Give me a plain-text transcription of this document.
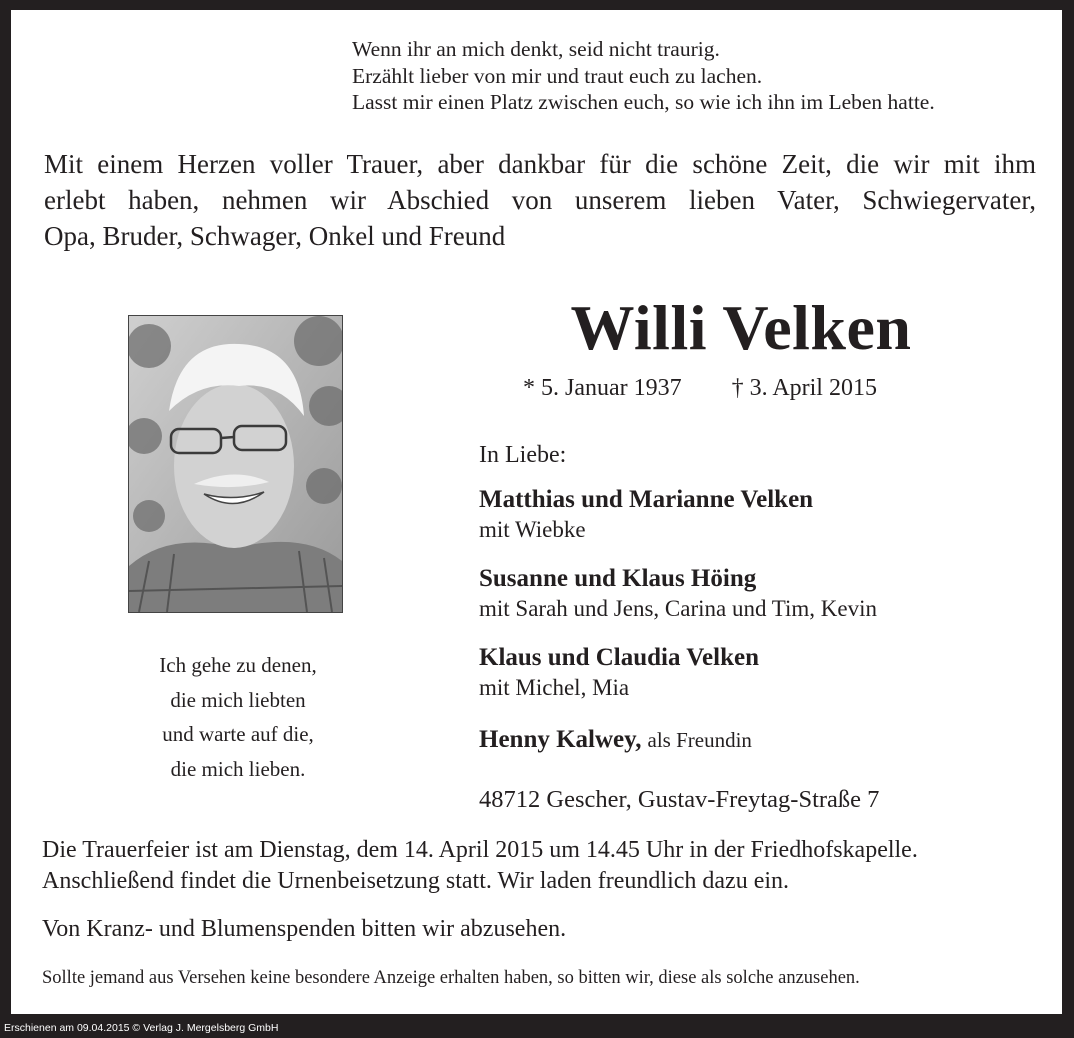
Wenn ihr an mich denkt, seid nicht traurig.
Erzählt lieber von mir und traut euch zu lachen.
Lasst mir einen Platz zwischen euch, so wie ich ihn im Leben hatte.
Mit einem Herzen voller Trauer, aber dankbar für die schöne Zeit, die wir mit ihm
erlebt haben, nehmen wir Abschied von unserem lieben Vater, Schwiegervater,
Opa, Bruder, Schwager, Onkel und Freund
Ich gehe zu denen,
die mich liebten
und warte auf die,
die mich lieben.
Willi Velken
* 5. Januar 1937 † 3. April 2015
In Liebe:
Matthias und Marianne Velken
mit Wiebke
Susanne und Klaus Höing
mit Sarah und Jens, Carina und Tim, Kevin
Klaus und Claudia Velken
mit Michel, Mia
Henny Kalwey, als Freundin
48712 Gescher, Gustav-Freytag-Straße 7
Die Trauerfeier ist am Dienstag, dem 14. April 2015 um 14.45 Uhr in der Friedhofskapelle.
Anschließend findet die Urnenbeisetzung statt. Wir laden freundlich dazu ein.
Von Kranz- und Blumenspenden bitten wir abzusehen.
Sollte jemand aus Versehen keine besondere Anzeige erhalten haben, so bitten wir, diese als solche anzusehen.
Erschienen am 09.04.2015 © Verlag J. Mergelsberg GmbH
